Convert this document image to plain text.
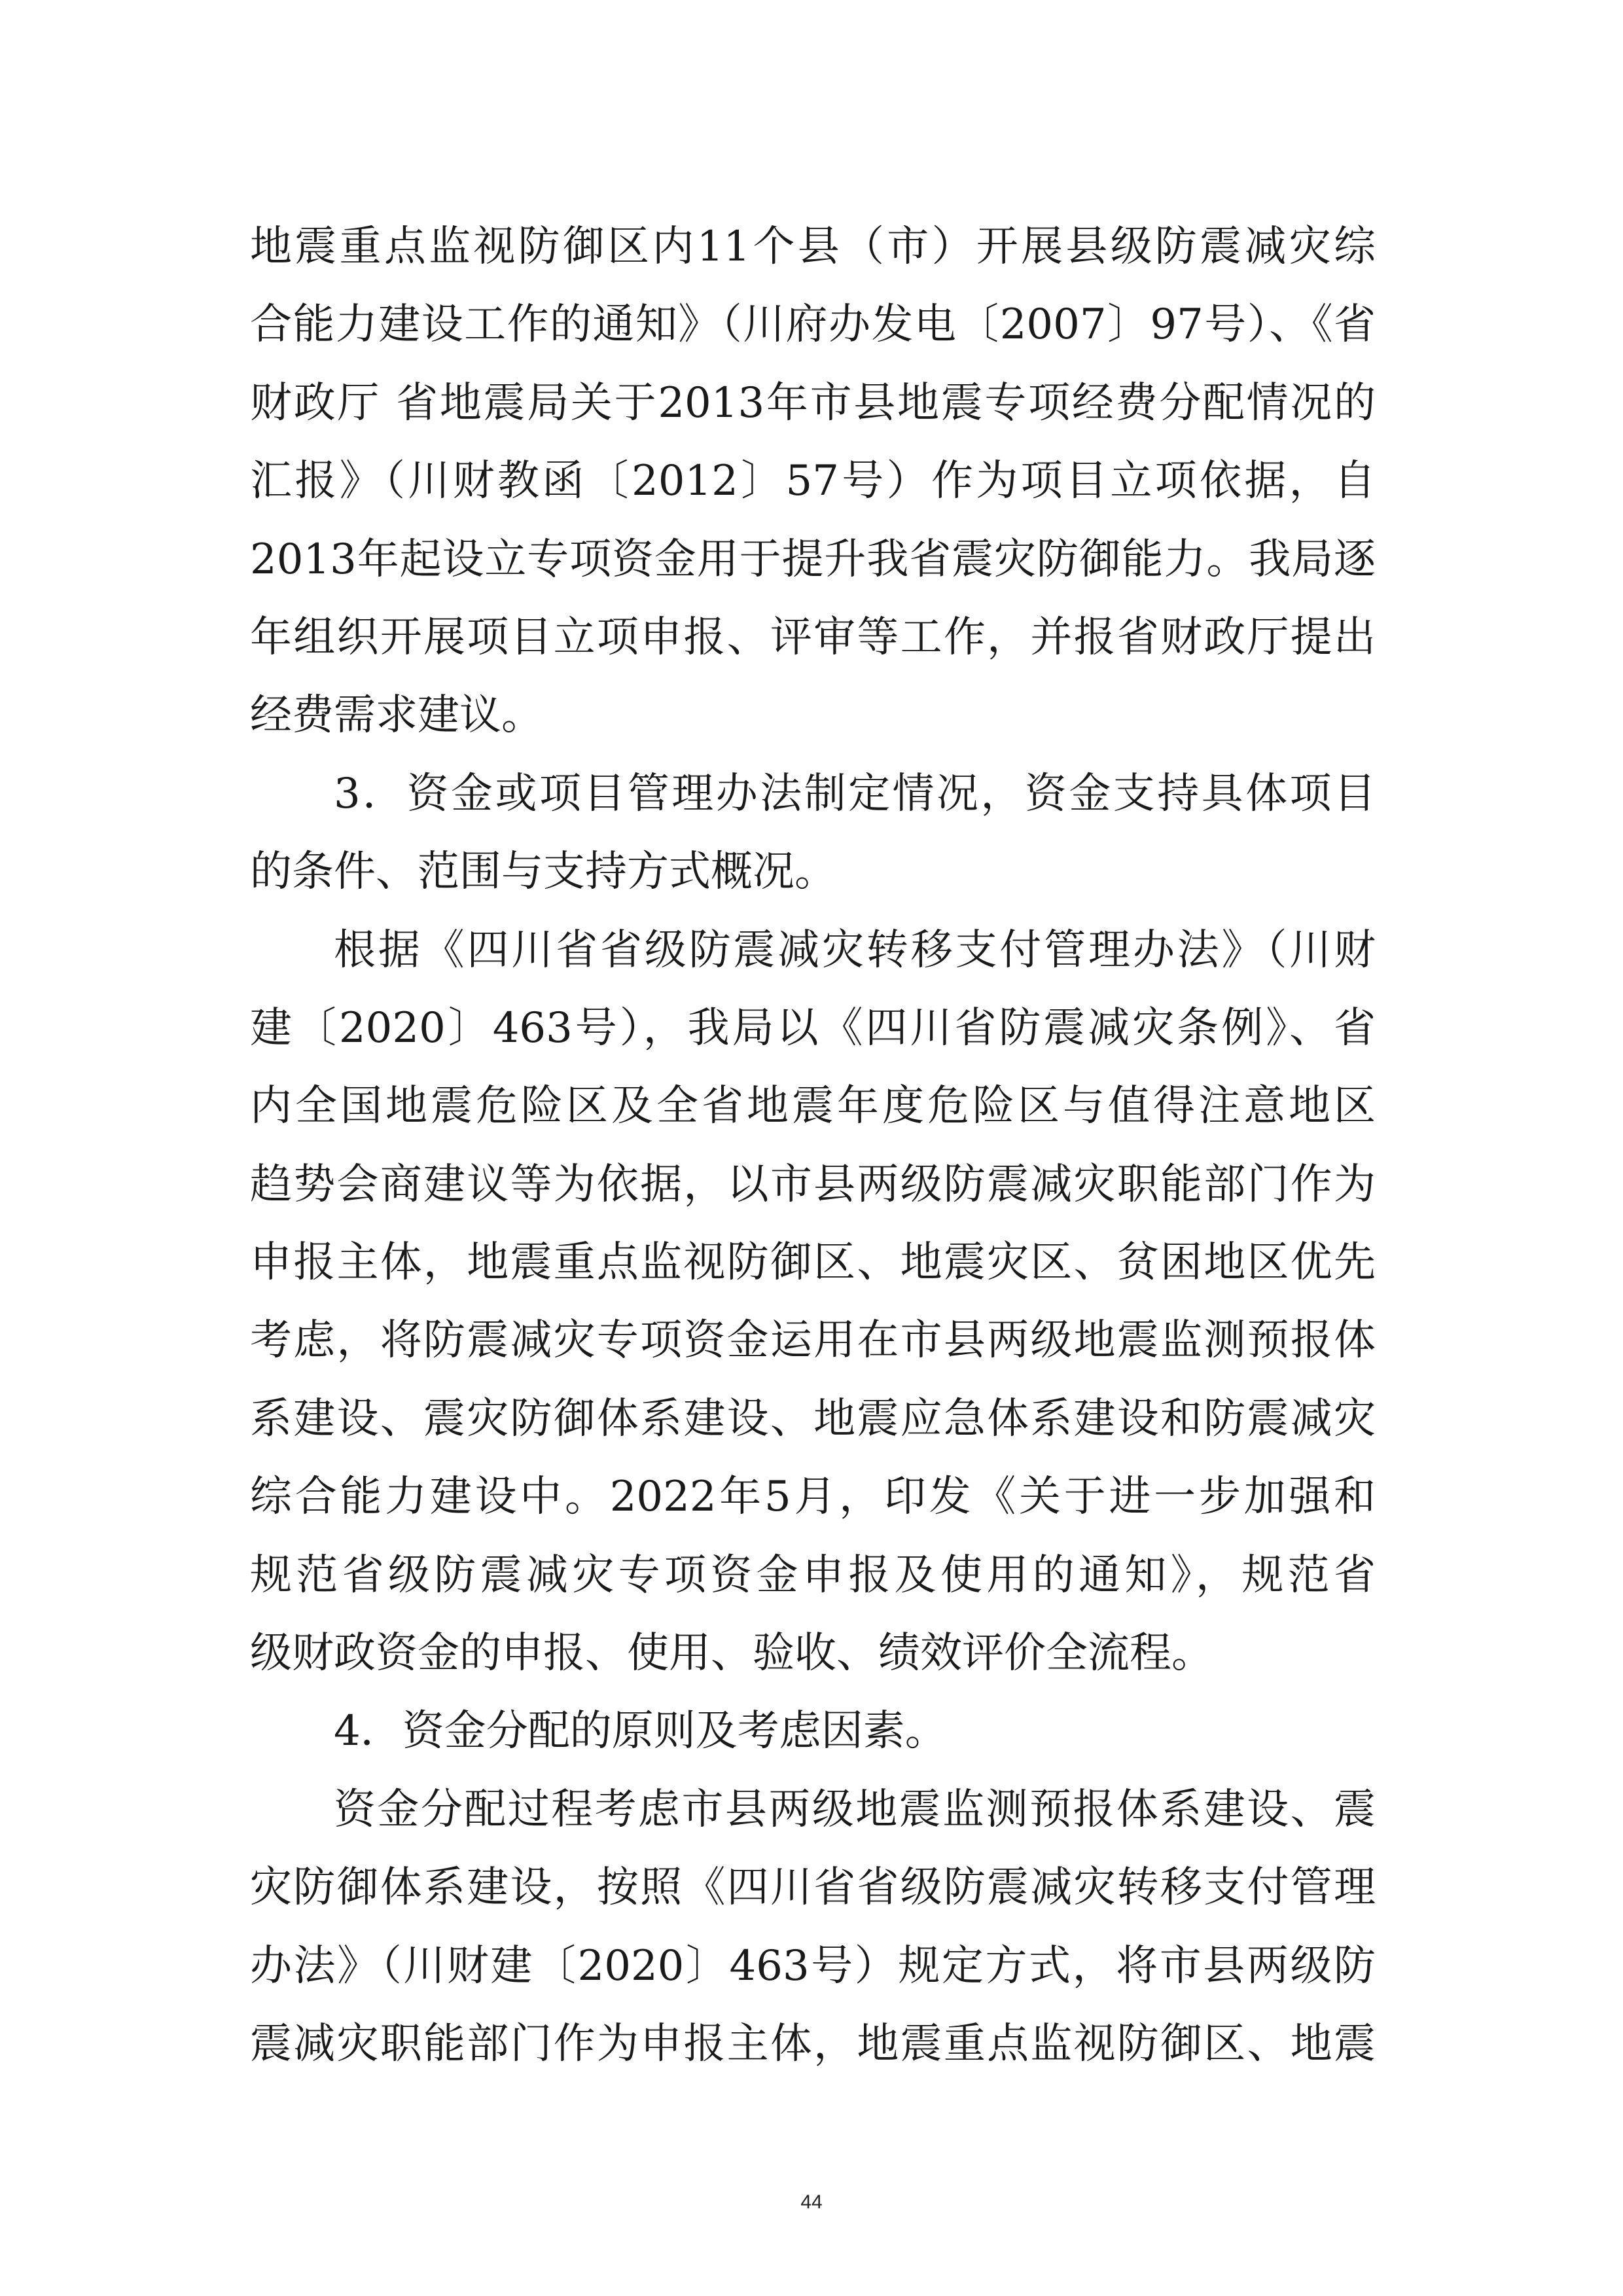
地震重点监视防御区内11个县（市）开展县级防震减灾综
合能力建设工作的通知》（川府办发电〔2007〕97号）、《省
财政厅 省地震局关于2013年市县地震专项经费分配情况的
汇报》（川财教函〔2012〕57号）作为项目立项依据，自
2013年起设立专项资金用于提升我省震灾防御能力。我局逐
年组织开展项目立项申报、评审等工作，并报省财政厅提出
经费需求建议。
3．资金或项目管理办法制定情况，资金支持具体项目
的条件、范围与支持方式概况。
根据《四川省省级防震减灾转移支付管理办法》（川财
建〔2020〕463号），我局以《四川省防震减灾条例》、省
内全国地震危险区及全省地震年度危险区与值得注意地区
趋势会商建议等为依据，以市县两级防震减灾职能部门作为
申报主体，地震重点监视防御区、地震灾区、贫困地区优先
考虑，将防震减灾专项资金运用在市县两级地震监测预报体
系建设、震灾防御体系建设、地震应急体系建设和防震减灾
综合能力建设中。2022年5月，印发《关于进一步加强和
规范省级防震减灾专项资金申报及使用的通知》，规范省
级财政资金的申报、使用、验收、绩效评价全流程。
4．资金分配的原则及考虑因素。
资金分配过程考虑市县两级地震监测预报体系建设、震
灾防御体系建设，按照《四川省省级防震减灾转移支付管理
办法》（川财建〔2020〕463号）规定方式，将市县两级防
震减灾职能部门作为申报主体，地震重点监视防御区、地震
44
